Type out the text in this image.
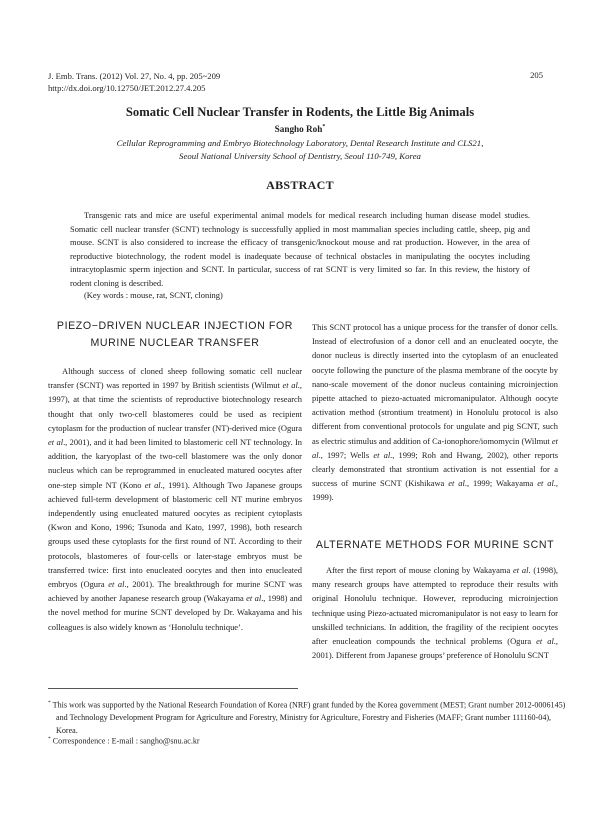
J. Emb. Trans. (2012) Vol. 27, No. 4, pp. 205~209
http://dx.doi.org/10.12750/JET.2012.27.4.205
205
Somatic Cell Nuclear Transfer in Rodents, the Little Big Animals
Sangho Roh*
Cellular Reprogramming and Embryo Biotechnology Laboratory, Dental Research Institute and CLS21,
Seoul National University School of Dentistry, Seoul 110-749, Korea
ABSTRACT

Transgenic rats and mice are useful experimental animal models for medical research including human disease model studies. Somatic cell nuclear transfer (SCNT) technology is successfully applied in most mammalian species including cattle, sheep, pig and mouse. SCNT is also considered to increase the efficacy of transgenic/knockout mouse and rat production. However, in the area of reproductive biotechnology, the rodent model is inadequate because of technical obstacles in manipulating the oocytes including intracytoplasmic sperm injection and SCNT. In particular, success of rat SCNT is very limited so far. In this review, the history of rodent cloning is described.

(Key words : mouse, rat, SCNT, cloning)
PIEZO−DRIVEN NUCLEAR INJECTION FOR
MURINE NUCLEAR TRANSFER

Although success of cloned sheep following somatic cell nuclear transfer (SCNT) was reported in 1997 by British scientists (Wilmut et al., 1997), at that time the scientists of reproductive biotechnology research thought that only two-cell blastomeres could be used as recipient cytoplasm for the production of nuclear transfer (NT)-derived mice (Ogura et al., 2001), and it had been limited to blastomeric cell NT technology. In addition, the karyoplast of the two-cell blastomere was the only donor nucleus which can be reprogrammed in enucleated matured oocytes after one-step simple NT (Kono et al., 1991). Although Two Japanese groups achieved full-term development of blastomeric cell NT murine embryos independently using enucleated matured oocytes as recipient cytoplasts (Kwon and Kono, 1996; Tsunoda and Kato, 1997, 1998), both research groups used these cytoplasts for the first round of NT. According to their protocols, blastomeres of four-cells or later-stage embryos must be transferred twice: first into enucleated oocytes and then into enucleated embryos (Ogura et al., 2001). The breakthrough for murine SCNT was achieved by another Japanese research group (Wakayama et al., 1998) and the novel method for murine SCNT developed by Dr. Wakayama and his colleagues is also widely known as ‘Honolulu technique’.

This SCNT protocol has a unique process for the transfer of donor cells. Instead of electrofusion of a donor cell and an enucleated oocyte, the donor nucleus is directly inserted into the cytoplasm of an enucleated oocyte following the puncture of the plasma membrane of the oocyte by nano-scale movement of the donor nucleus containing microinjection pipette attached to piezo-actuated micromanipulator. Although oocyte activation method (strontium treatment) in Honolulu protocol is also different from conventional protocols for ungulate and pig SCNT, such as electric stimulus and addition of Ca-ionophore/iomomycin (Wilmut et al., 1997; Wells et al., 1999; Roh and Hwang, 2002), other reports clearly demonstrated that strontium activation is not essential for a success of murine SCNT (Kishikawa et al., 1999; Wakayama et al., 1999).

ALTERNATE METHODS FOR MURINE SCNT

After the first report of mouse cloning by Wakayama et al. (1998), many research groups have attempted to reproduce their results with original Honolulu technique. However, reproducing microinjection technique using Piezo-actuated micromanipulator is not easy to learn for unskilled technicians. In addition, the fragility of the recipient oocytes after enucleation compounds the technical problems (Ogura et al., 2001). Different from Japanese groups’ preference of Honolulu SCNT

* This work was supported by the National Research Foundation of Korea (NRF) grant funded by the Korea government (MEST; Grant number 2012-0006145) and Technology Development Program for Agriculture and Forestry, Ministry for Agriculture, Forestry and Fisheries (MAFF; Grant number 111160-04), Korea.

* Correspondence : E-mail : sangho@snu.ac.kr
